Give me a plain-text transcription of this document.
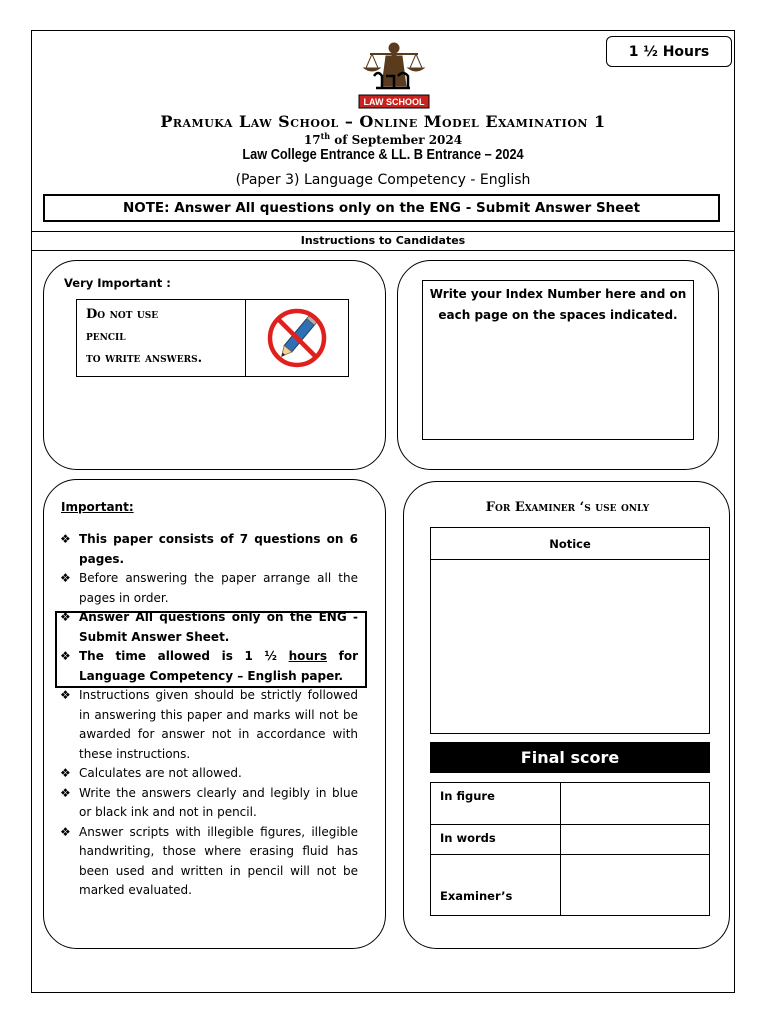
1 ½ Hours
LAW SCHOOL
Pramuka Law School – Online Model Examination 1
17th of September 2024
Law College Entrance & LL. B Entrance – 2024
(Paper 3) Language Competency - English
NOTE: Answer All questions only on the ENG - Submit Answer Sheet
Instructions to Candidates
Very Important :
Do not use
pencil
to write answers.
Write your Index Number here and on
each page on the spaces indicated.
Important:
❖ This paper consists of 7 questions on 6 pages.
❖ Before answering the paper arrange all the pages in order.
❖ Answer All questions only on the ENG - Submit Answer Sheet.
❖ The time allowed is 1 ½ hours for Language Competency – English paper.
❖ Instructions given should be strictly followed in answering this paper and marks will not be awarded for answer not in accordance with these instructions.
❖ Calculates are not allowed.
❖ Write the answers clearly and legibly in blue or black ink and not in pencil.
❖ Answer scripts with illegible figures, illegible handwriting, those where erasing fluid has been used and written in pencil will not be marked evaluated.
For Examiner ‘s use only
Notice
Final score
In figure
In words
Examiner’s
